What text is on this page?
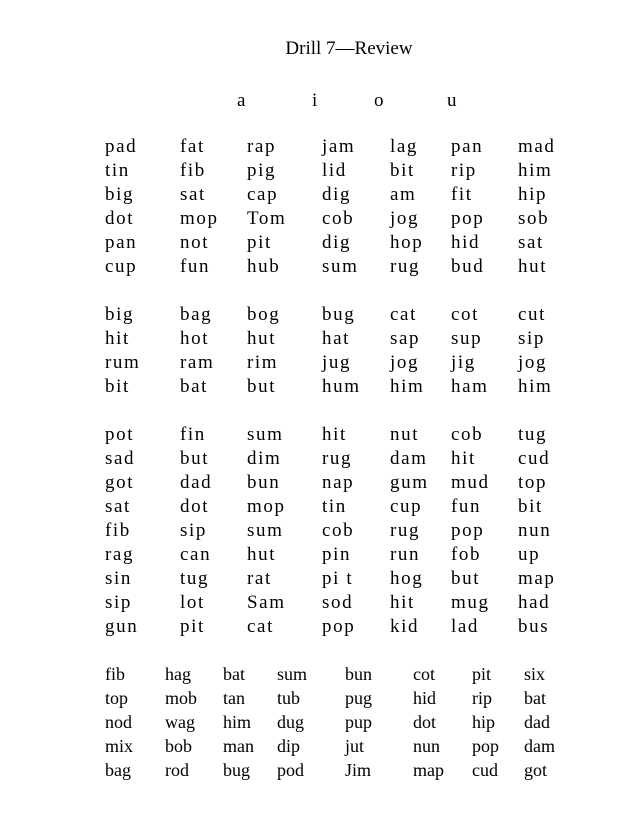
Drill 7—Review
a	i	o	u
pad fat rap jam lag pan mad
tin	fib pig lid bit rip him
big sat cap dig am fit hip
dot mop Tom cob jog pop sob
pan not pit	dig hop hid sat
cup fun hub sum rug bud hut
big bag bog bug cat cot cut
hit	hot hut hat sap sup sip
rum ram rim jug jog jig jog
bit	bat but hum him ham him
pot fin sum hit nut cob tug
sad but dim rug dam hit cud
got dad bun nap gum mud top
sat	dot mop tin cup fun bit
fib	sip sum cob rug pop nun
rag can hut pin run fob up
sin	tug rat	pi t hog but map
sip	lot Sam sod hit mug had
gun pit cat	pop kid lad bus
fib hag bat sum bun cot pit six
top mob tan tub pug hid rip bat
nod wag him dug pup dot hip dad
mix bob man dip jut	nun pop dam
bag rod bug pod Jim map cud got
